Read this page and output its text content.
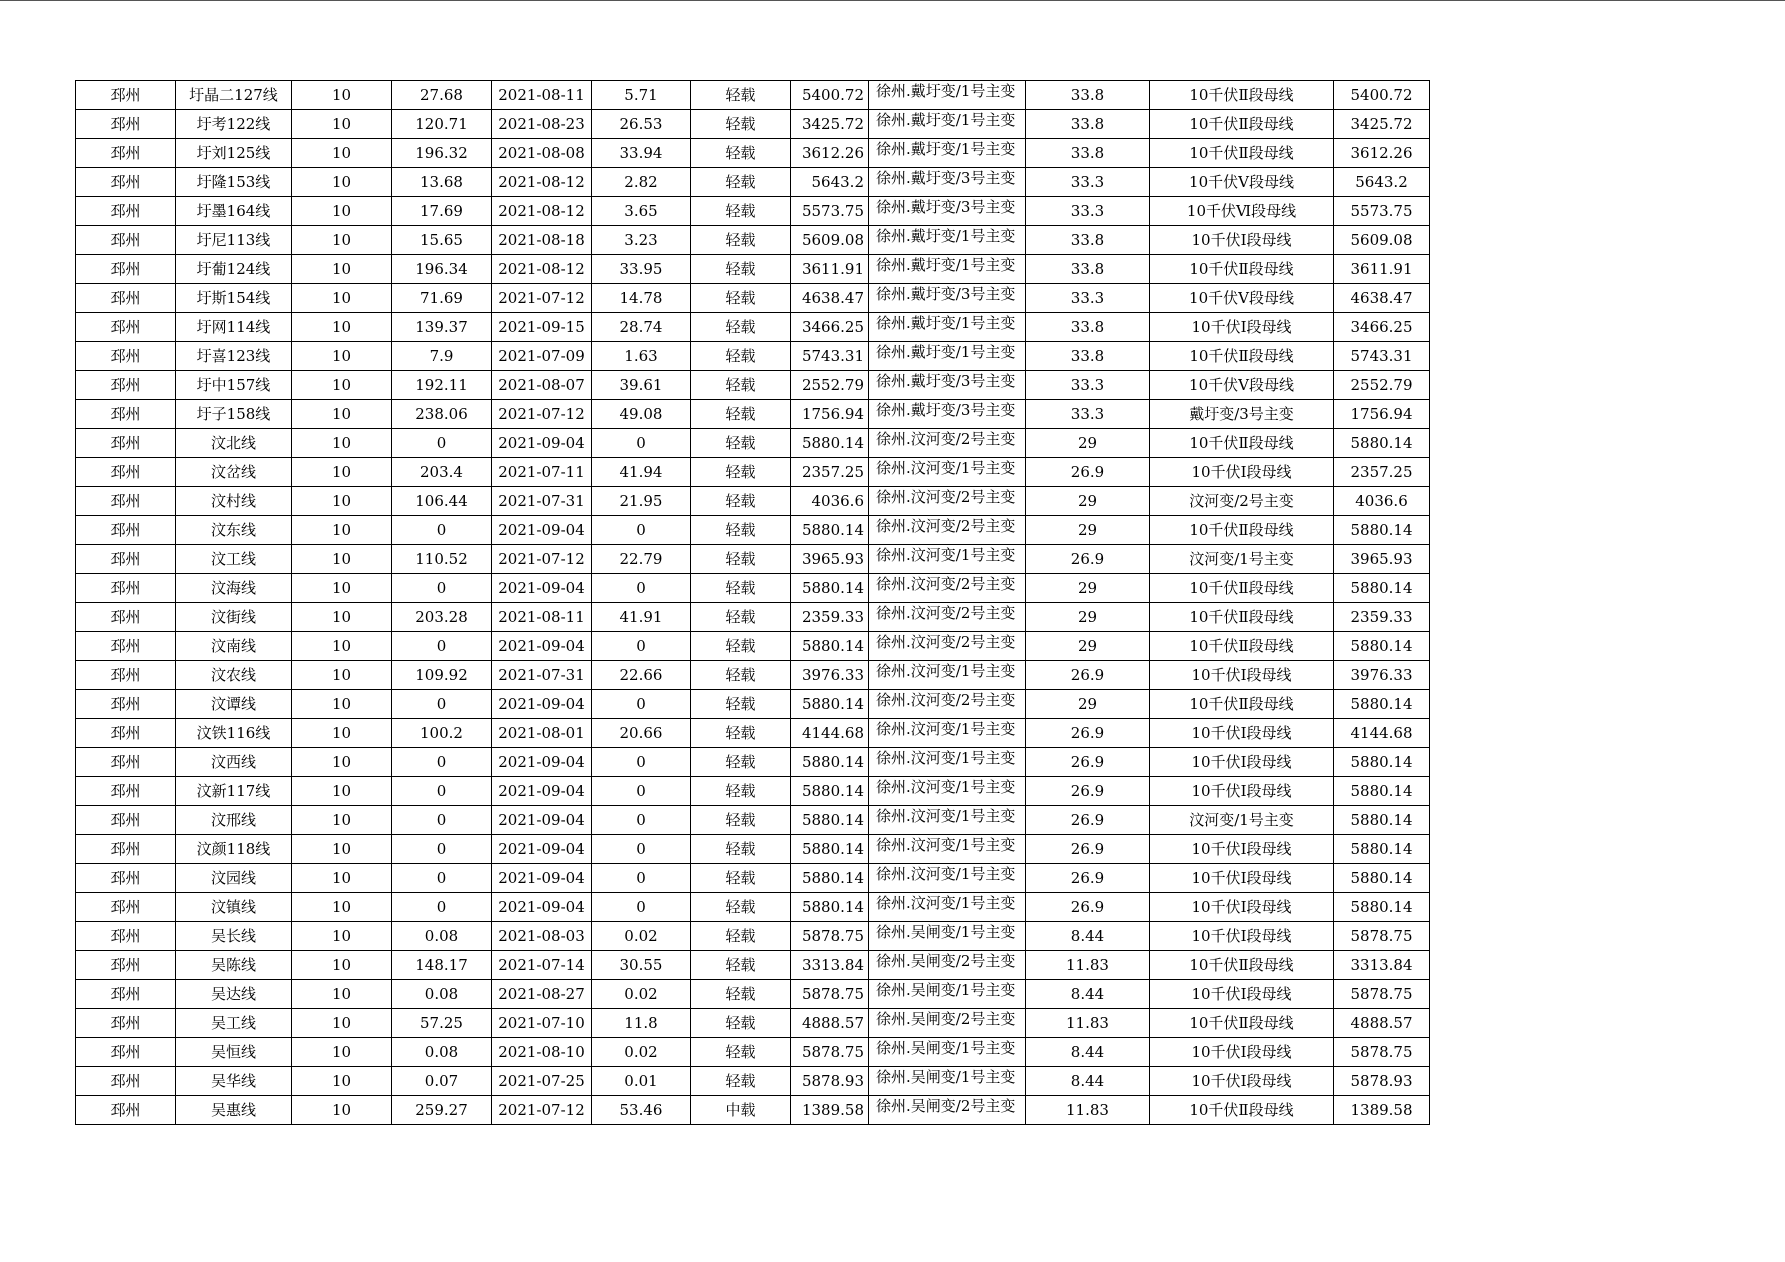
邳州	圩晶二127线	10	27.68	2021-08-11	5.71	轻载	5400.72	徐州.戴圩变/1号主变	33.8	10千伏Ⅱ段母线	5400.72
邳州	圩考122线	10	120.71	2021-08-23	26.53	轻载	3425.72	徐州.戴圩变/1号主变	33.8	10千伏Ⅱ段母线	3425.72
邳州	圩刘125线	10	196.32	2021-08-08	33.94	轻载	3612.26	徐州.戴圩变/1号主变	33.8	10千伏Ⅱ段母线	3612.26
邳州	圩隆153线	10	13.68	2021-08-12	2.82	轻载	5643.2	徐州.戴圩变/3号主变	33.3	10千伏Ⅴ段母线	5643.2
邳州	圩墨164线	10	17.69	2021-08-12	3.65	轻载	5573.75	徐州.戴圩变/3号主变	33.3	10千伏Ⅵ段母线	5573.75
邳州	圩尼113线	10	15.65	2021-08-18	3.23	轻载	5609.08	徐州.戴圩变/1号主变	33.8	10千伏Ⅰ段母线	5609.08
邳州	圩葡124线	10	196.34	2021-08-12	33.95	轻载	3611.91	徐州.戴圩变/1号主变	33.8	10千伏Ⅱ段母线	3611.91
邳州	圩斯154线	10	71.69	2021-07-12	14.78	轻载	4638.47	徐州.戴圩变/3号主变	33.3	10千伏Ⅴ段母线	4638.47
邳州	圩网114线	10	139.37	2021-09-15	28.74	轻载	3466.25	徐州.戴圩变/1号主变	33.8	10千伏Ⅰ段母线	3466.25
邳州	圩喜123线	10	7.9	2021-07-09	1.63	轻载	5743.31	徐州.戴圩变/1号主变	33.8	10千伏Ⅱ段母线	5743.31
邳州	圩中157线	10	192.11	2021-08-07	39.61	轻载	2552.79	徐州.戴圩变/3号主变	33.3	10千伏Ⅴ段母线	2552.79
邳州	圩子158线	10	238.06	2021-07-12	49.08	轻载	1756.94	徐州.戴圩变/3号主变	33.3	戴圩变/3号主变	1756.94
邳州	汶北线	10	0	2021-09-04	0	轻载	5880.14	徐州.汶河变/2号主变	29	10千伏Ⅱ段母线	5880.14
邳州	汶岔线	10	203.4	2021-07-11	41.94	轻载	2357.25	徐州.汶河变/1号主变	26.9	10千伏Ⅰ段母线	2357.25
邳州	汶村线	10	106.44	2021-07-31	21.95	轻载	4036.6	徐州.汶河变/2号主变	29	汶河变/2号主变	4036.6
邳州	汶东线	10	0	2021-09-04	0	轻载	5880.14	徐州.汶河变/2号主变	29	10千伏Ⅱ段母线	5880.14
邳州	汶工线	10	110.52	2021-07-12	22.79	轻载	3965.93	徐州.汶河变/1号主变	26.9	汶河变/1号主变	3965.93
邳州	汶海线	10	0	2021-09-04	0	轻载	5880.14	徐州.汶河变/2号主变	29	10千伏Ⅱ段母线	5880.14
邳州	汶街线	10	203.28	2021-08-11	41.91	轻载	2359.33	徐州.汶河变/2号主变	29	10千伏Ⅱ段母线	2359.33
邳州	汶南线	10	0	2021-09-04	0	轻载	5880.14	徐州.汶河变/2号主变	29	10千伏Ⅱ段母线	5880.14
邳州	汶农线	10	109.92	2021-07-31	22.66	轻载	3976.33	徐州.汶河变/1号主变	26.9	10千伏Ⅰ段母线	3976.33
邳州	汶谭线	10	0	2021-09-04	0	轻载	5880.14	徐州.汶河变/2号主变	29	10千伏Ⅱ段母线	5880.14
邳州	汶铁116线	10	100.2	2021-08-01	20.66	轻载	4144.68	徐州.汶河变/1号主变	26.9	10千伏Ⅰ段母线	4144.68
邳州	汶西线	10	0	2021-09-04	0	轻载	5880.14	徐州.汶河变/1号主变	26.9	10千伏Ⅰ段母线	5880.14
邳州	汶新117线	10	0	2021-09-04	0	轻载	5880.14	徐州.汶河变/1号主变	26.9	10千伏Ⅰ段母线	5880.14
邳州	汶邢线	10	0	2021-09-04	0	轻载	5880.14	徐州.汶河变/1号主变	26.9	汶河变/1号主变	5880.14
邳州	汶颜118线	10	0	2021-09-04	0	轻载	5880.14	徐州.汶河变/1号主变	26.9	10千伏Ⅰ段母线	5880.14
邳州	汶园线	10	0	2021-09-04	0	轻载	5880.14	徐州.汶河变/1号主变	26.9	10千伏Ⅰ段母线	5880.14
邳州	汶镇线	10	0	2021-09-04	0	轻载	5880.14	徐州.汶河变/1号主变	26.9	10千伏Ⅰ段母线	5880.14
邳州	吴长线	10	0.08	2021-08-03	0.02	轻载	5878.75	徐州.吴闸变/1号主变	8.44	10千伏Ⅰ段母线	5878.75
邳州	吴陈线	10	148.17	2021-07-14	30.55	轻载	3313.84	徐州.吴闸变/2号主变	11.83	10千伏Ⅱ段母线	3313.84
邳州	吴达线	10	0.08	2021-08-27	0.02	轻载	5878.75	徐州.吴闸变/1号主变	8.44	10千伏Ⅰ段母线	5878.75
邳州	吴工线	10	57.25	2021-07-10	11.8	轻载	4888.57	徐州.吴闸变/2号主变	11.83	10千伏Ⅱ段母线	4888.57
邳州	吴恒线	10	0.08	2021-08-10	0.02	轻载	5878.75	徐州.吴闸变/1号主变	8.44	10千伏Ⅰ段母线	5878.75
邳州	吴华线	10	0.07	2021-07-25	0.01	轻载	5878.93	徐州.吴闸变/1号主变	8.44	10千伏Ⅰ段母线	5878.93
邳州	吴惠线	10	259.27	2021-07-12	53.46	中载	1389.58	徐州.吴闸变/2号主变	11.83	10千伏Ⅱ段母线	1389.58
